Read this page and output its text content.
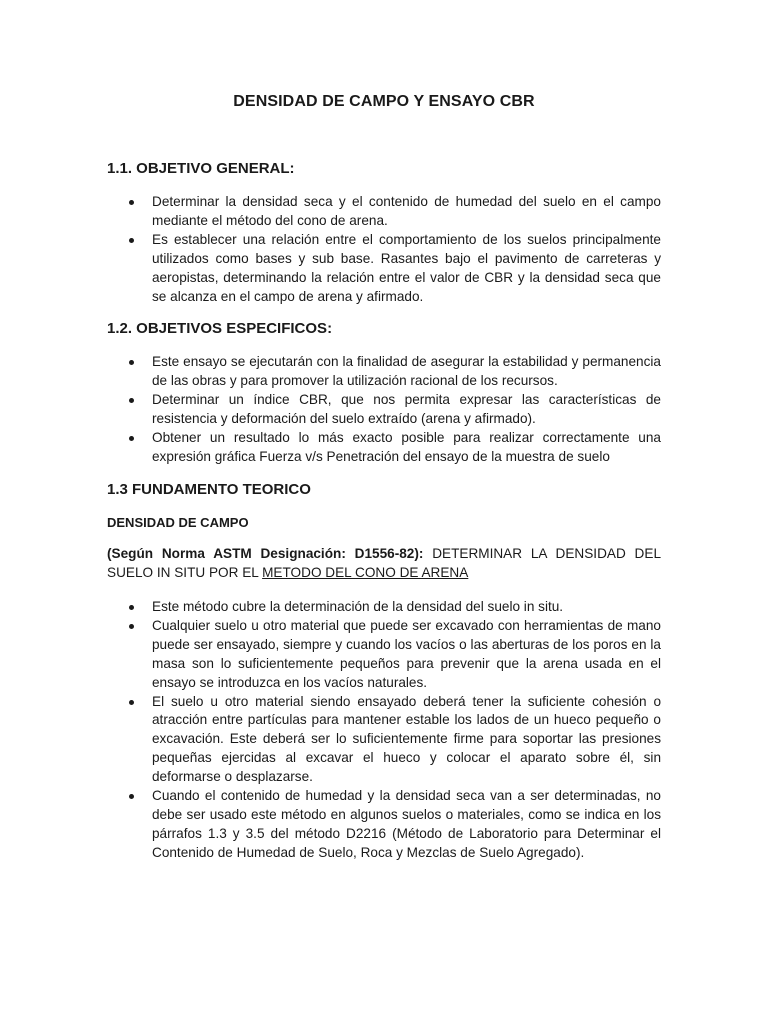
DENSIDAD DE CAMPO Y ENSAYO CBR
1.1. OBJETIVO GENERAL:
Determinar la densidad seca y el contenido de humedad del suelo en el campo mediante el método del cono de arena.
Es establecer una relación entre el comportamiento de los suelos principalmente utilizados como bases y sub base. Rasantes bajo el pavimento de carreteras y aeropistas, determinando la relación entre el valor de CBR y la densidad seca que se alcanza en el campo de arena y afirmado.
1.2. OBJETIVOS ESPECIFICOS:
Este ensayo se ejecutarán con la finalidad de asegurar la estabilidad y permanencia de las obras y para promover la utilización racional de los recursos.
Determinar un índice CBR, que nos permita expresar las características de resistencia y deformación del suelo extraído (arena y afirmado).
Obtener un resultado lo más exacto posible para realizar correctamente una expresión gráfica Fuerza v/s Penetración del ensayo de la muestra de suelo
1.3 FUNDAMENTO TEORICO
DENSIDAD DE CAMPO
(Según Norma ASTM Designación: D1556-82): DETERMINAR LA DENSIDAD DEL SUELO IN SITU POR EL METODO DEL CONO DE ARENA
Este método cubre la determinación de la densidad del suelo in situ.
Cualquier suelo u otro material que puede ser excavado con herramientas de mano puede ser ensayado, siempre y cuando los vacíos o las aberturas de los poros en la masa son lo suficientemente pequeños para prevenir que la arena usada en el ensayo se introduzca en los vacíos naturales.
El suelo u otro material siendo ensayado deberá tener la suficiente cohesión o atracción entre partículas para mantener estable los lados de un hueco pequeño o excavación. Este deberá ser lo suficientemente firme para soportar las presiones pequeñas ejercidas al excavar el hueco y colocar el aparato sobre él, sin deformarse o desplazarse.
Cuando el contenido de humedad y la densidad seca van a ser determinadas, no debe ser usado este método en algunos suelos o materiales, como se indica en los párrafos 1.3 y 3.5 del método D2216 (Método de Laboratorio para Determinar el Contenido de Humedad de Suelo, Roca y Mezclas de Suelo Agregado).
